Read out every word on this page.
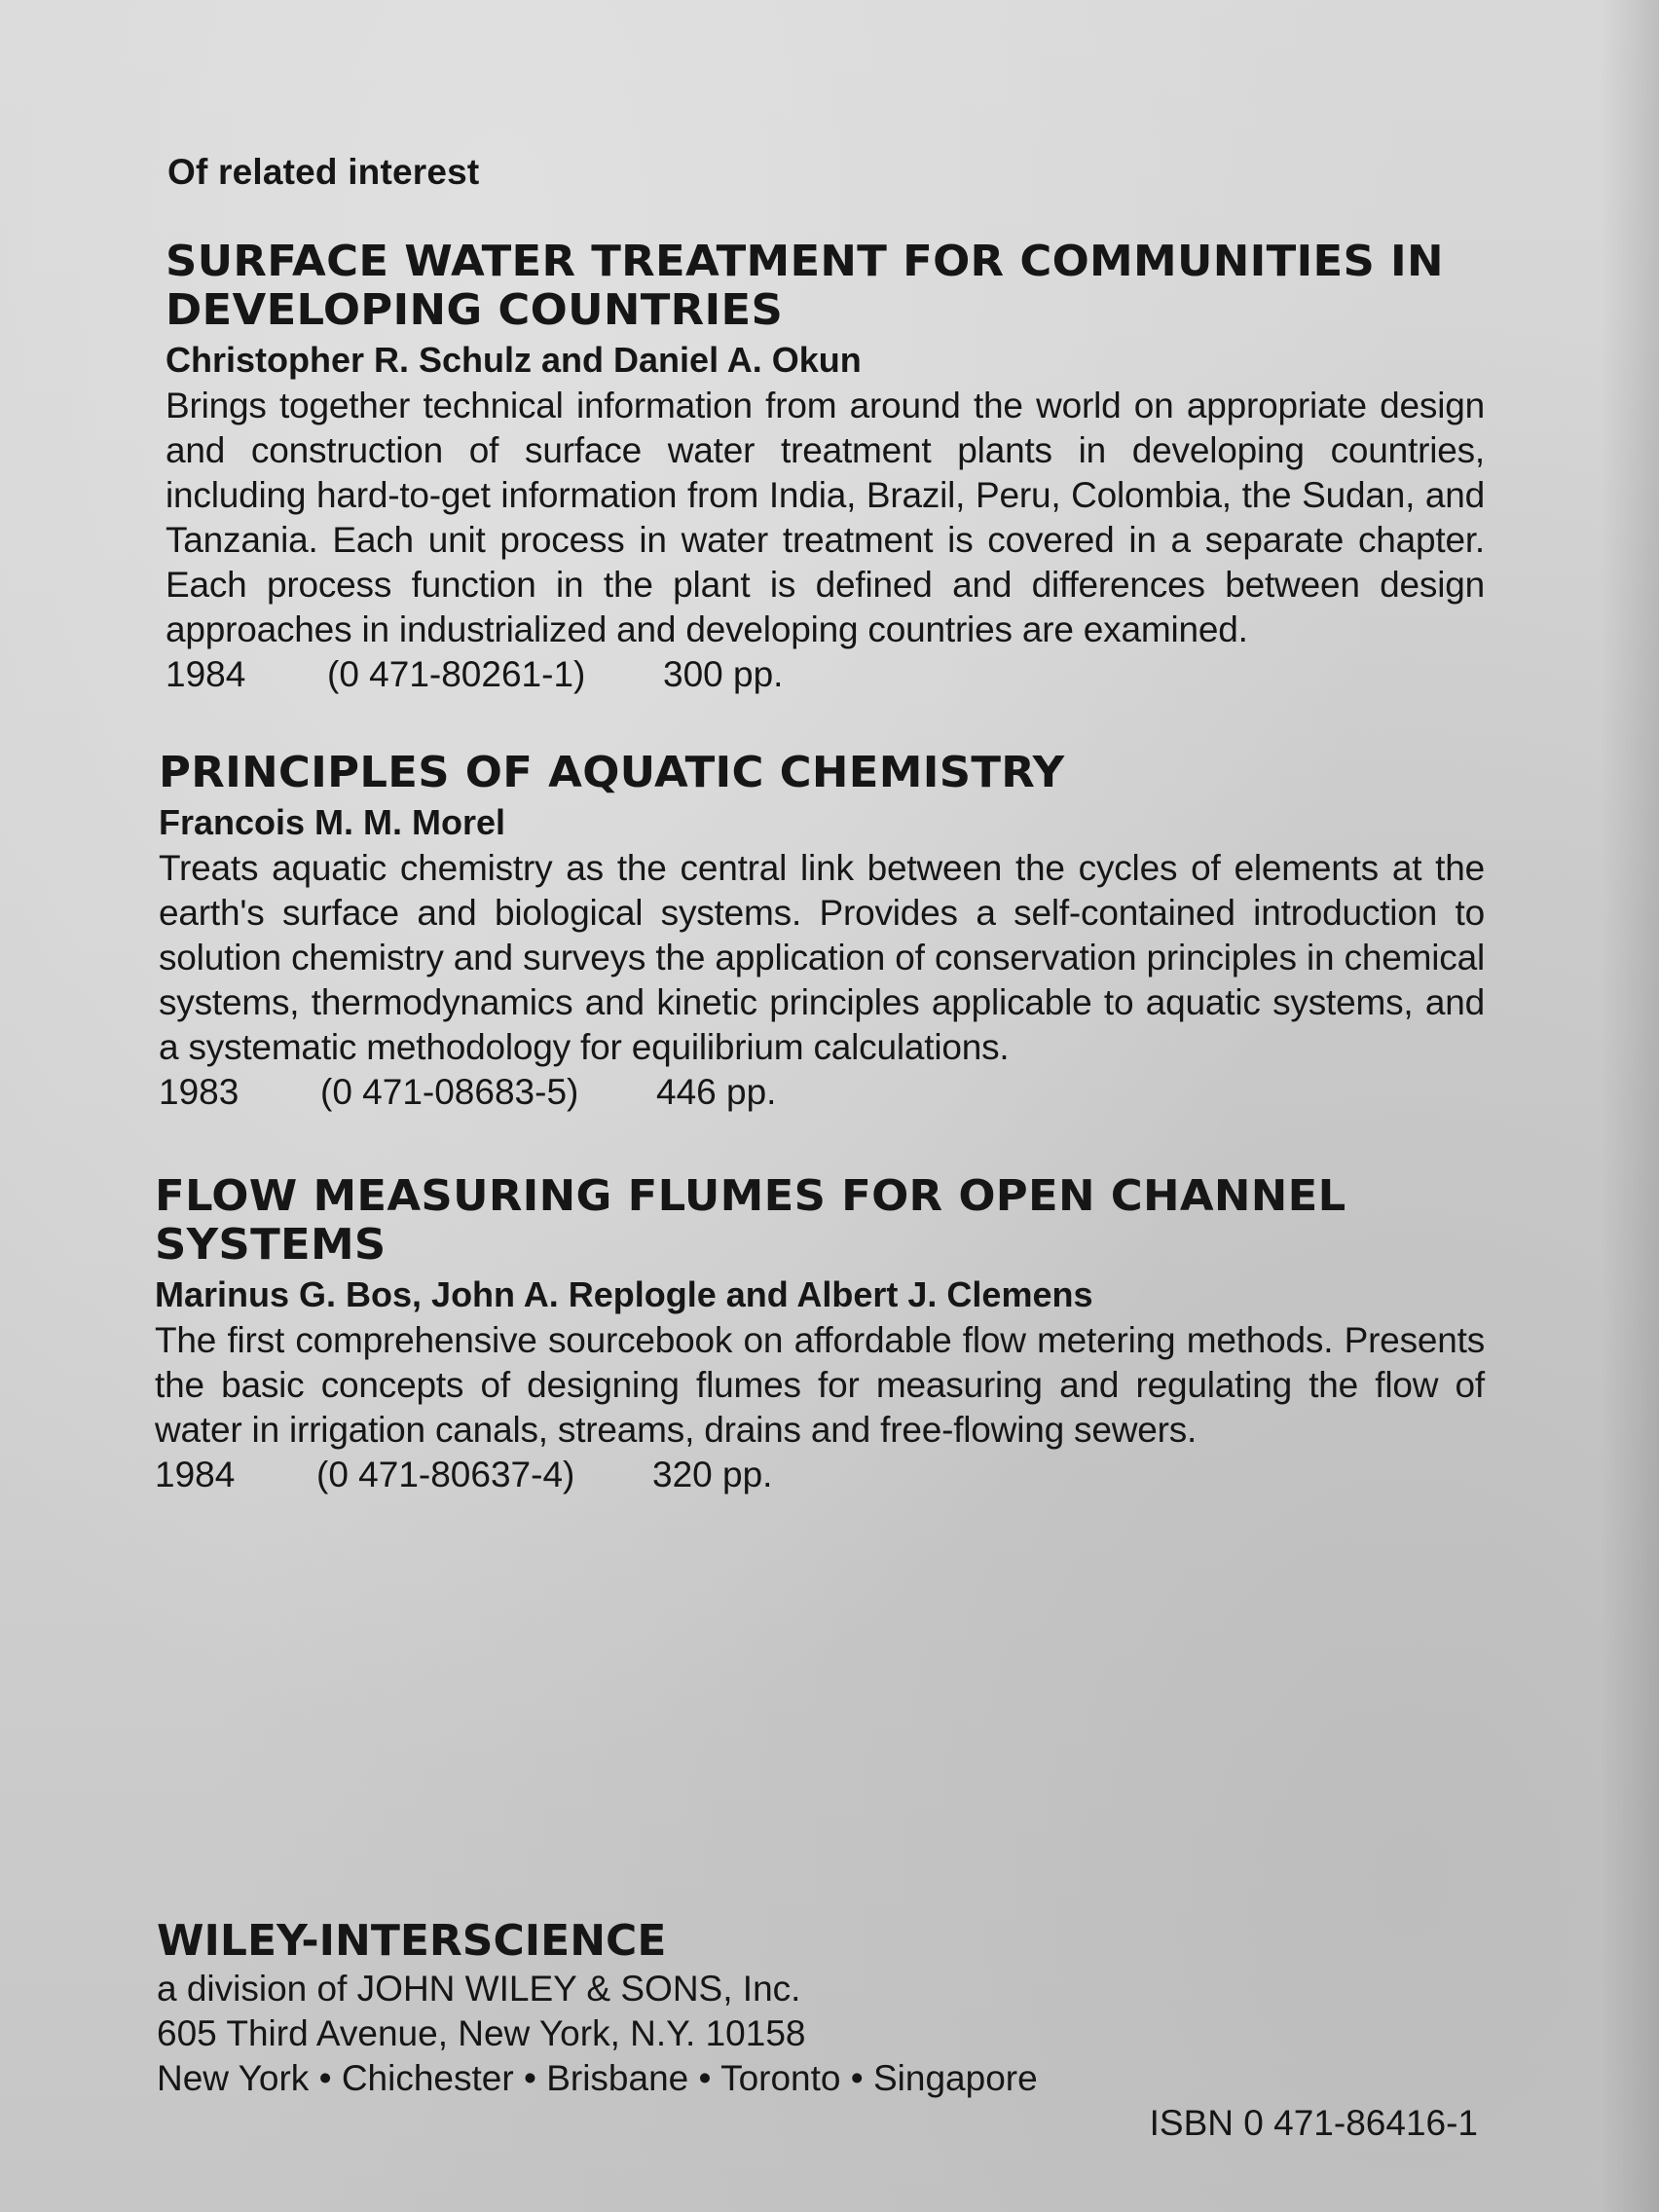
Of related interest

SURFACE WATER TREATMENT FOR COMMUNITIES IN DEVELOPING COUNTRIES

Christopher R. Schulz and Daniel A. Okun

Brings together technical information from around the world on appropriate design and construction of surface water treatment plants in developing countries, including hard-to-get information from India, Brazil, Peru, Colombia, the Sudan, and Tanzania. Each unit process in water treatment is covered in a separate chapter. Each process function in the plant is defined and differences between design approaches in industrialized and developing countries are examined.

1984	(0 471-80261-1)	300 pp.

PRINCIPLES OF AQUATIC CHEMISTRY

Francois M. M. Morel

Treats aquatic chemistry as the central link between the cycles of elements at the earth's surface and biological systems. Provides a self-contained introduction to solution chemistry and surveys the application of conservation principles in chemical systems, thermodynamics and kinetic principles applicable to aquatic systems, and a systematic methodology for equilibrium calculations.

1983	(0 471-08683-5)	446 pp.

FLOW MEASURING FLUMES FOR OPEN CHANNEL SYSTEMS

Marinus G. Bos, John A. Replogle and Albert J. Clemens

The first comprehensive sourcebook on affordable flow metering methods. Presents the basic concepts of designing flumes for measuring and regulating the flow of water in irrigation canals, streams, drains and free-flowing sewers.

1984	(0 471-80637-4)	320 pp.

WILEY-INTERSCIENCE

a division of JOHN WILEY & SONS, Inc.

605 Third Avenue, New York, N.Y. 10158

New York • Chichester • Brisbane • Toronto • Singapore

ISBN 0 471-86416-1
